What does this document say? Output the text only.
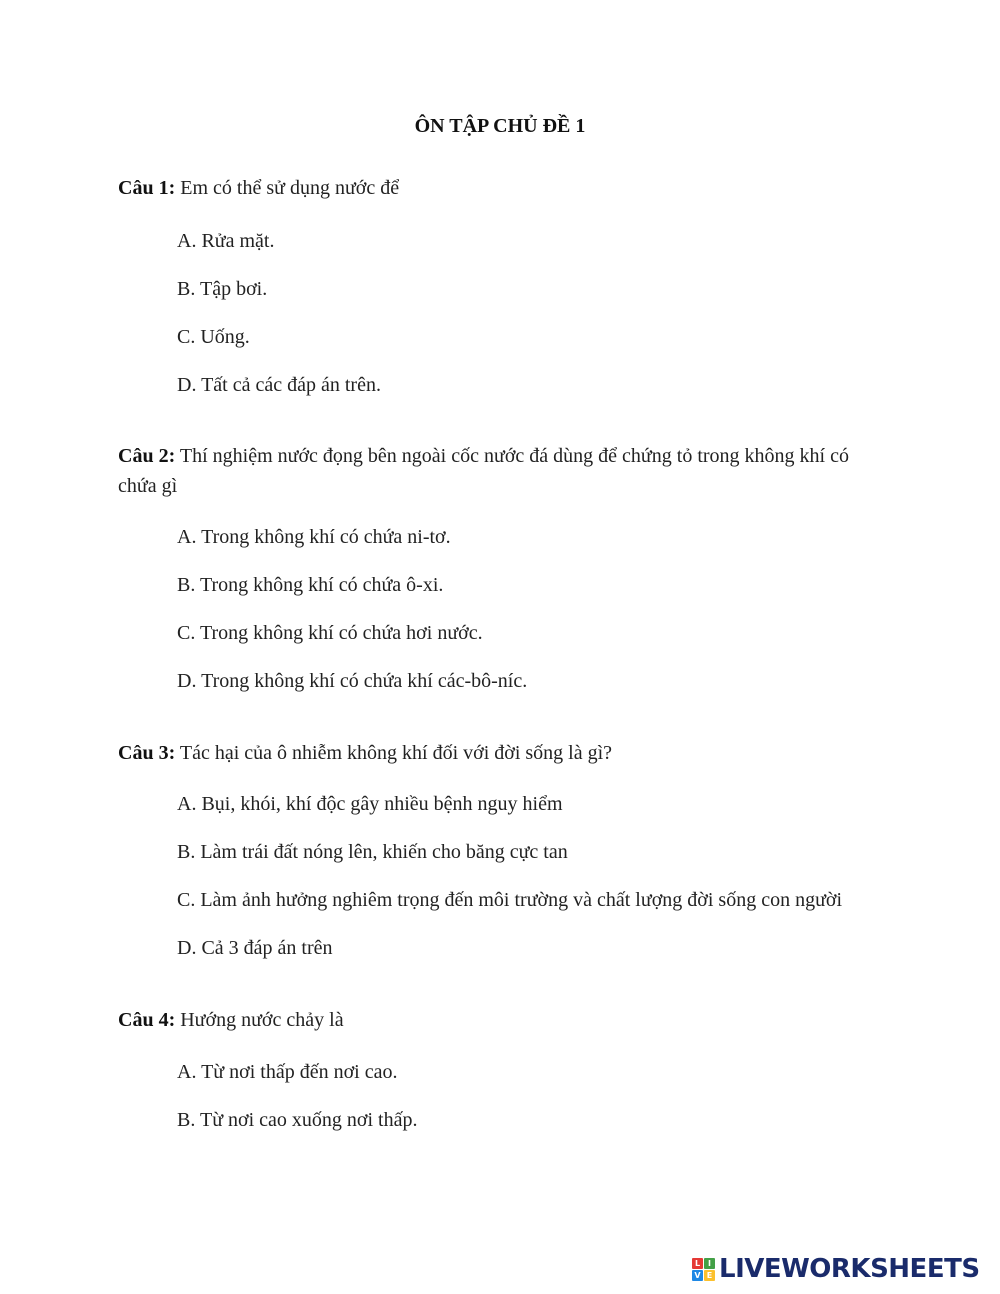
ÔN TẬP CHỦ ĐỀ 1
Câu 1: Em có thể sử dụng nước để
A. Rửa mặt.
B. Tập bơi.
C. Uống.
D. Tất cả các đáp án trên.
Câu 2: Thí nghiệm nước đọng bên ngoài cốc nước đá dùng để chứng tỏ trong không khí có chứa gì
A. Trong không khí có chứa ni-tơ.
B. Trong không khí có chứa ô-xi.
C. Trong không khí có chứa hơi nước.
D. Trong không khí có chứa khí các-bô-níc.
Câu 3: Tác hại của ô nhiễm không khí đối với đời sống là gì?
A. Bụi, khói, khí độc gây nhiều bệnh nguy hiểm
B. Làm trái đất nóng lên, khiến cho băng cực tan
C. Làm ảnh hưởng nghiêm trọng đến môi trường và chất lượng đời sống con người
D. Cả 3 đáp án trên
Câu 4: Hướng nước chảy là
A. Từ nơi thấp đến nơi cao.
B. Từ nơi cao xuống nơi thấp.
L I
V E LIVEWORKSHEETS
